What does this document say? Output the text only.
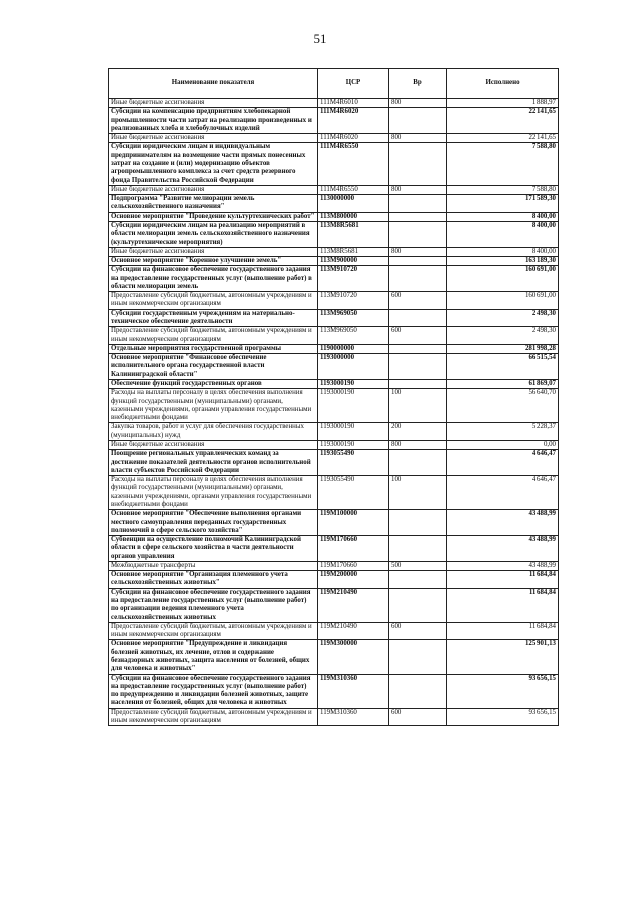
51
Наименование показателя	ЦСР	Вр	Исполнено
Иные бюджетные ассигнования	111M4R6010	800	1 888,97
Субсидии на компенсацию предприятиям хлебопекарной промышленности части затрат на реализацию произведенных и реализованных хлеба и хлебобулочных изделий	111M4R6020		22 141,65
Иные бюджетные ассигнования	111M4R6020	800	22 141,65
Субсидии юридическим лицам и индивидуальным предпринимателям на возмещение части прямых понесенных затрат на создание и (или) модернизацию объектов агропромышленного комплекса за счет средств резервного фонда Правительства Российской Федерации	111M4R6550		7 588,80
Иные бюджетные ассигнования	111M4R6550	800	7 588,80
Подпрограмма "Развитие мелиорации земель сельскохозяйственного назначения"	1130000000		171 589,30
Основное мероприятие "Проведение культуртехнических работ"	113M800000		8 400,00
Субсидии юридическим лицам на реализацию мероприятий в области мелиорации земель сельскохозяйственного назначения (культуртехнические мероприятия)	113M8R5681		8 400,00
Иные бюджетные ассигнования	113M8R5681	800	8 400,00
Основное мероприятие "Коренное улучшение земель"	113M900000		163 189,30
Субсидии на финансовое обеспечение государственного задания на предоставление государственных услуг (выполнение работ) в области мелиорации земель	113M910720		160 691,00
Предоставление субсидий бюджетным, автономным учреждениям и иным некоммерческим организациям	113M910720	600	160 691,00
Субсидии государственным учреждениям на материально-техническое обеспечение деятельности	113M969050		2 498,30
Предоставление субсидий бюджетным, автономным учреждениям и иным некоммерческим организациям	113M969050	600	2 498,30
Отдельные мероприятия государственной программы	1190000000		281 998,28
Основное мероприятие "Финансовое обеспечение исполнительного органа государственной власти Калининградской области"	1193000000		66 515,54
Обеспечение функций государственных органов	1193000190		61 869,07
Расходы на выплаты персоналу в целях обеспечения выполнения функций государственными (муниципальными) органами, казенными учреждениями, органами управления государственными внебюджетными фондами	1193000190	100	56 640,70
Закупка товаров, работ и услуг для обеспечения государственных (муниципальных) нужд	1193000190	200	5 228,37
Иные бюджетные ассигнования	1193000190	800	0,00
Поощрение региональных управленческих команд за достижение показателей деятельности органов исполнительной власти субъектов Российской Федерации	1193055490		4 646,47
Расходы на выплаты персоналу в целях обеспечения выполнения функций государственными (муниципальными) органами, казенными учреждениями, органами управления государственными внебюджетными фондами	1193055490	100	4 646,47
Основное мероприятие "Обеспечение выполнения органами местного самоуправления переданных государственных полномочий в сфере сельского хозяйства"	119M100000		43 488,99
Субвенции на осуществление полномочий Калининградской области в сфере сельского хозяйства в части деятельности органов управления	119M170660		43 488,99
Межбюджетные трансферты	119M170660	500	43 488,99
Основное мероприятие "Организация племенного учета сельскохозяйственных животных"	119M200000		11 684,84
Субсидии на финансовое обеспечение государственного задания на предоставление государственных услуг (выполнение работ) по организации ведения племенного учета сельскохозяйственных животных	119M210490		11 684,84
Предоставление субсидий бюджетным, автономным учреждениям и иным некоммерческим организациям	119M210490	600	11 684,84
Основное мероприятие "Предупреждение и ликвидация болезней животных, их лечение, отлов и содержание безнадзорных животных, защита населения от болезней, общих для человека и животных"	119M300000		125 901,13
Субсидии на финансовое обеспечение государственного задания на предоставление государственных услуг (выполнение работ) по предупреждению и ликвидации болезней животных, защите населения от болезней, общих для человека и животных	119M310360		93 656,15
Предоставление субсидий бюджетным, автономным учреждениям и иным некоммерческим организациям	119M310360	600	93 656,15
